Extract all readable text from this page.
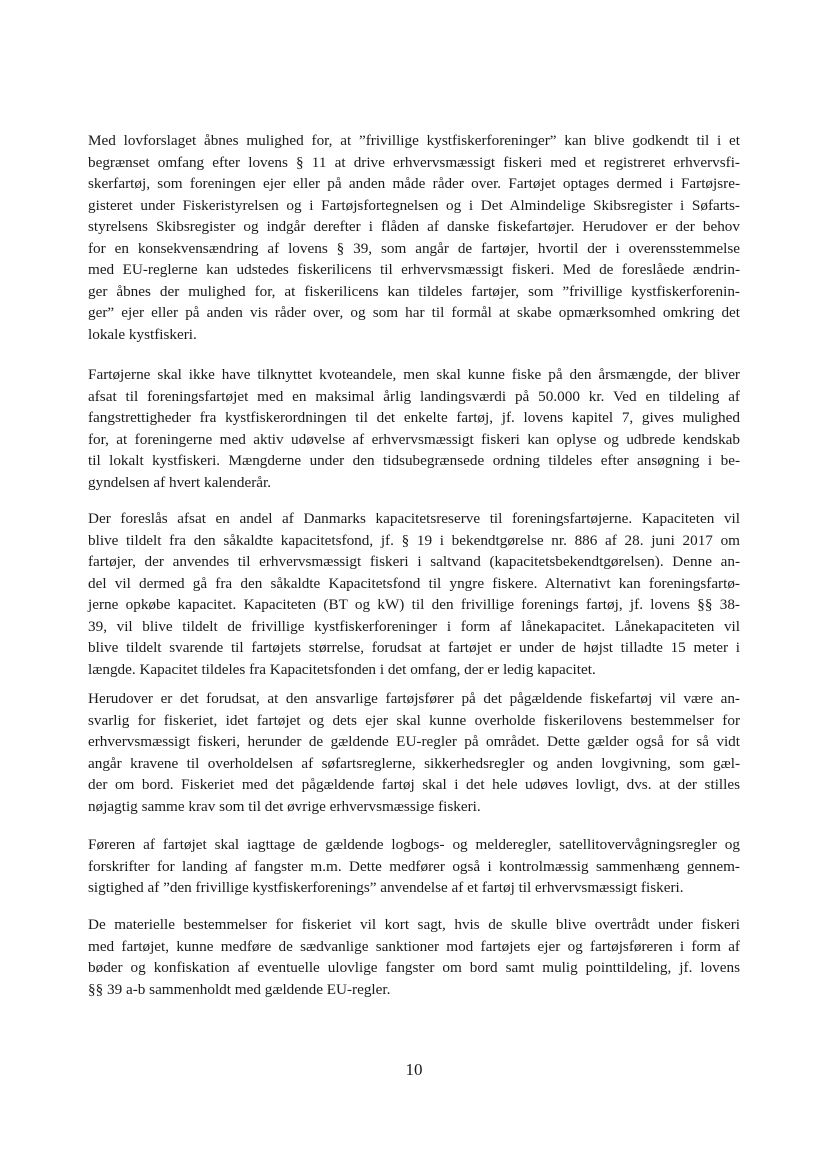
Med lovforslaget åbnes mulighed for, at ”frivillige kystfiskerforeninger” kan blive godkendt til i et
begrænset omfang efter lovens § 11 at drive erhvervsmæssigt fiskeri med et registreret erhvervsfi-
skerfartøj, som foreningen ejer eller på anden måde råder over. Fartøjet optages dermed i Fartøjsre-
gisteret under Fiskeristyrelsen og i Fartøjsfortegnelsen og i Det Almindelige Skibsregister i Søfarts-
styrelsens Skibsregister og indgår derefter i flåden af danske fiskefartøjer. Herudover er der behov
for en konsekvensændring af lovens § 39, som angår de fartøjer, hvortil der i overensstemmelse
med EU-reglerne kan udstedes fiskerilicens til erhvervsmæssigt fiskeri. Med de foreslåede ændrin-
ger åbnes der mulighed for, at fiskerilicens kan tildeles fartøjer, som ”frivillige kystfiskerforenin-
ger” ejer eller på anden vis råder over, og som har til formål at skabe opmærksomhed omkring det
lokale kystfiskeri.
Fartøjerne skal ikke have tilknyttet kvoteandele, men skal kunne fiske på den årsmængde, der bliver
afsat til foreningsfartøjet med en maksimal årlig landingsværdi på 50.000 kr. Ved en tildeling af
fangstrettigheder fra kystfiskerordningen til det enkelte fartøj, jf. lovens kapitel 7, gives mulighed
for, at foreningerne med aktiv udøvelse af erhvervsmæssigt fiskeri kan oplyse og udbrede kendskab
til lokalt kystfiskeri. Mængderne under den tidsubegrænsede ordning tildeles efter ansøgning i be-
gyndelsen af hvert kalenderår.
Der foreslås afsat en andel af Danmarks kapacitetsreserve til foreningsfartøjerne. Kapaciteten vil
blive tildelt fra den såkaldte kapacitetsfond, jf. § 19 i bekendtgørelse nr. 886 af 28. juni 2017 om
fartøjer, der anvendes til erhvervsmæssigt fiskeri i saltvand (kapacitetsbekendtgørelsen). Denne an-
del vil dermed gå fra den såkaldte Kapacitetsfond til yngre fiskere. Alternativt kan foreningsfartø-
jerne opkøbe kapacitet. Kapaciteten (BT og kW) til den frivillige forenings fartøj, jf. lovens §§ 38-
39, vil blive tildelt de frivillige kystfiskerforeninger i form af lånekapacitet. Lånekapaciteten vil
blive tildelt svarende til fartøjets størrelse, forudsat at fartøjet er under de højst tilladte 15 meter i
længde. Kapacitet tildeles fra Kapacitetsfonden i det omfang, der er ledig kapacitet.
Herudover er det forudsat, at den ansvarlige fartøjsfører på det pågældende fiskefartøj vil være an-
svarlig for fiskeriet, idet fartøjet og dets ejer skal kunne overholde fiskerilovens bestemmelser for
erhvervsmæssigt fiskeri, herunder de gældende EU-regler på området. Dette gælder også for så vidt
angår kravene til overholdelsen af søfartsreglerne, sikkerhedsregler og anden lovgivning, som gæl-
der om bord. Fiskeriet med det pågældende fartøj skal i det hele udøves lovligt, dvs. at der stilles
nøjagtig samme krav som til det øvrige erhvervsmæssige fiskeri.
Føreren af fartøjet skal iagttage de gældende logbogs- og melderegler, satellitovervågningsregler og
forskrifter for landing af fangster m.m. Dette medfører også i kontrolmæssig sammenhæng gennem-
sigtighed af ”den frivillige kystfiskerforenings” anvendelse af et fartøj til erhvervsmæssigt fiskeri.
De materielle bestemmelser for fiskeriet vil kort sagt, hvis de skulle blive overtrådt under fiskeri
med fartøjet, kunne medføre de sædvanlige sanktioner mod fartøjets ejer og fartøjsføreren i form af
bøder og konfiskation af eventuelle ulovlige fangster om bord samt mulig pointtildeling, jf. lovens
§§ 39 a-b sammenholdt med gældende EU-regler.
10
